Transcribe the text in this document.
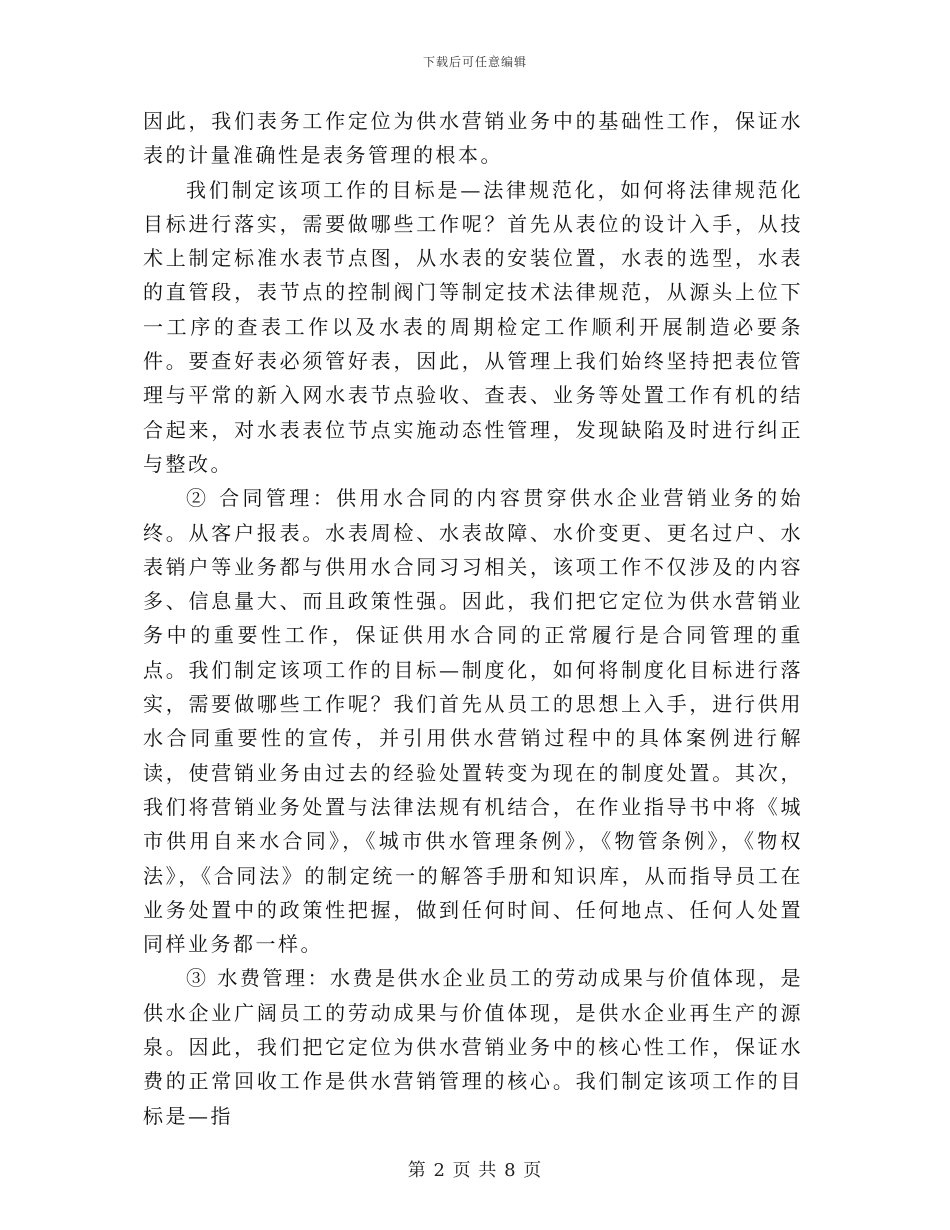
下载后可任意编辑

因此，我们表务工作定位为供水营销业务中的基础性工作，保证水表的计量准确性是表务管理的根本。

我们制定该项工作的目标是—法律规范化，如何将法律规范化目标进行落实，需要做哪些工作呢？首先从表位的设计入手，从技术上制定标准水表节点图，从水表的安装位置，水表的选型，水表的直管段，表节点的控制阀门等制定技术法律规范，从源头上位下一工序的查表工作以及水表的周期检定工作顺利开展制造必要条件。要查好表必须管好表，因此，从管理上我们始终坚持把表位管理与平常的新入网水表节点验收、查表、业务等处置工作有机的结合起来，对水表表位节点实施动态性管理，发现缺陷及时进行纠正与整改。

② 合同管理：供用水合同的内容贯穿供水企业营销业务的始终。从客户报表。水表周检、水表故障、水价变更、更名过户、水表销户等业务都与供用水合同习习相关，该项工作不仅涉及的内容多、信息量大、而且政策性强。因此，我们把它定位为供水营销业务中的重要性工作，保证供用水合同的正常履行是合同管理的重点。我们制定该项工作的目标—制度化，如何将制度化目标进行落实，需要做哪些工作呢？我们首先从员工的思想上入手，进行供用水合同重要性的宣传，并引用供水营销过程中的具体案例进行解读，使营销业务由过去的经验处置转变为现在的制度处置。其次，我们将营销业务处置与法律法规有机结合，在作业指导书中将《城市供用自来水合同》，《城市供水管理条例》，《物管条例》，《物权法》，《合同法》的制定统一的解答手册和知识库，从而指导员工在业务处置中的政策性把握，做到任何时间、任何地点、任何人处置同样业务都一样。

③ 水费管理：水费是供水企业员工的劳动成果与价值体现，是供水企业广阔员工的劳动成果与价值体现，是供水企业再生产的源泉。因此，我们把它定位为供水营销业务中的核心性工作，保证水费的正常回收工作是供水营销管理的核心。我们制定该项工作的目标是—指

第 2 页 共 8 页
